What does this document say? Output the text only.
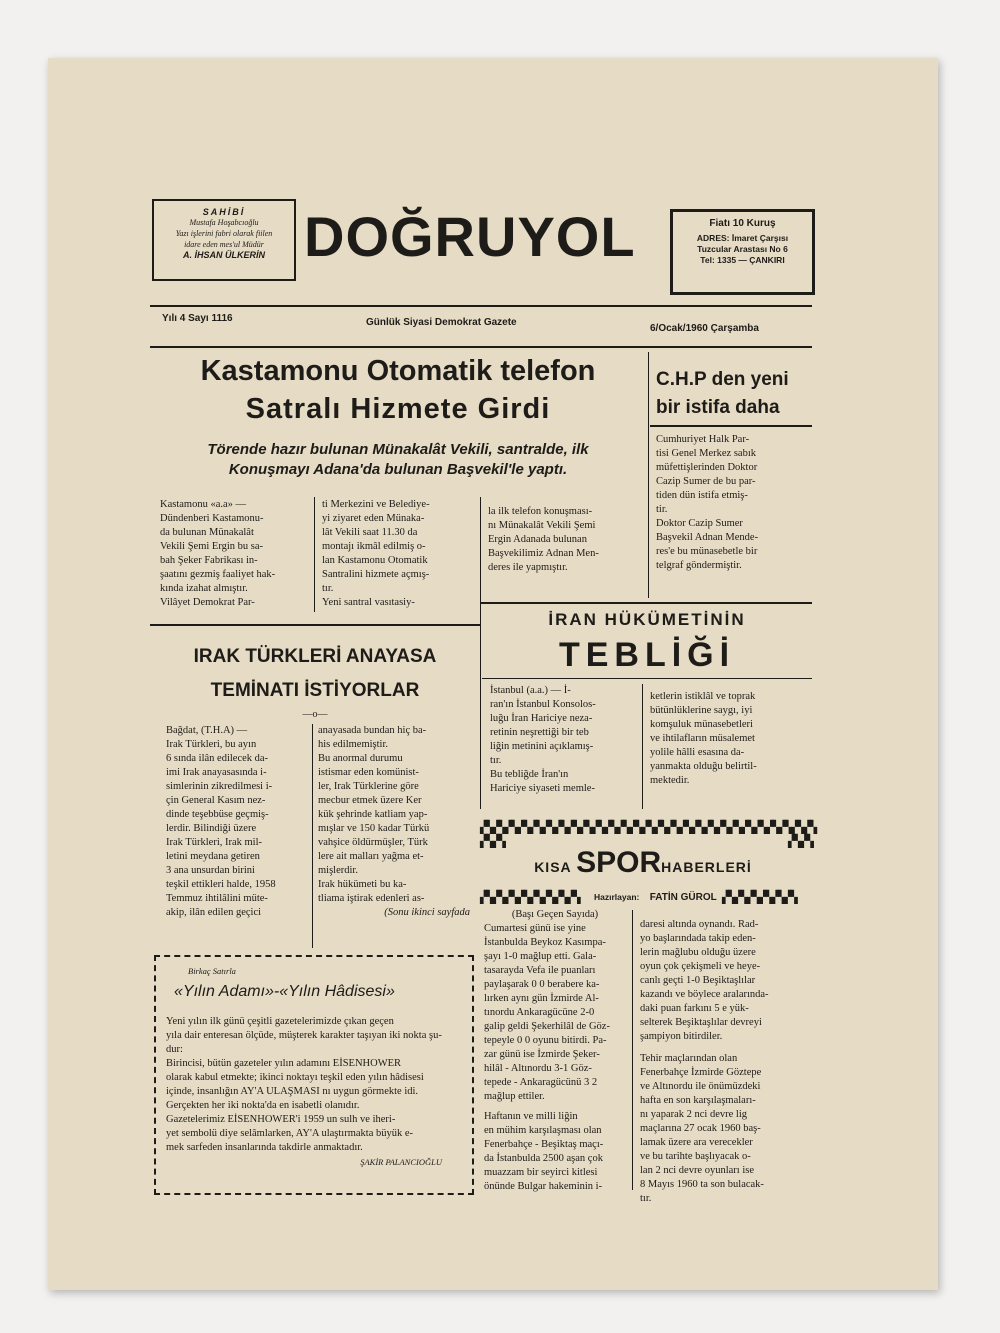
SAHİBİ
Mustafa Hoşabcıoğlu
Yazı işlerini fabri olarak fiilen
idare eden mes'ul Müdür
A. İHSAN ÜLKERİN DOĞRUYOL	Fiatı 10 Kuruş
ADRES: İmaret Çarşısı
Tuzcular Arastası No 6
Tel: 1335 — ÇANKIRI
Yılı 4 Sayı 1116	Günlük Siyasi Demokrat Gazete
6/Ocak/1960 Çarşamba
Kastamonu Otomatik telefon
Satralı Hizmete Girdi
Törende hazır bulunan Münakalât Vekili, santralde, ilk
Konuşmayı Adana'da bulunan Başvekil'le yaptı.

Kastamonu «a.a» —

Dündenberi Kastamonu-

da bulunan Münakalât

Vekili Şemi Ergin bu sa-

bah Şeker Fabrikası in-

şaatını gezmiş faaliyet hak-

kında izahat almıştır.

Vilâyet Demokrat Par-

ti Merkezini ve Belediye-

yi ziyaret eden Münaka-

lât Vekili saat 11.30 da

montajı ikmâl edilmiş o-

lan Kastamonu Otomatik

Santralini hizmete açmış-

tır.

Yeni santral vasıtasiy-

la ilk telefon konuşması-

nı Münakalât Vekili Şemi

Ergin Adanada bulunan

Başvekilimiz Adnan Men-

deres ile yapmıştır.

C.H.P den yeni
bir istifa daha

Cumhuriyet Halk Par-

tisi Genel Merkez sabık

müfettişlerinden Doktor

Cazip Sumer de bu par-

tiden dün istifa etmiş-

tir.

Doktor Cazip Sumer

Başvekil Adnan Mende-

res'e bu münasebetle bir

telgraf göndermiştir.

IRAK TÜRKLERİ ANAYASA
TEMİNATI İSTİYORLAR
—o—

Bağdat, (T.H.A) —

Irak Türkleri, bu ayın

6 sında ilân edilecek da-

imi Irak anayasasında i-

simlerinin zikredilmesi i-

çin General Kasım nez-

dinde teşebbüse geçmiş-

lerdir. Bilindiği üzere

Irak Türkleri, Irak mil-

letini meydana getiren

3 ana unsurdan birini

teşkil ettikleri halde, 1958

Temmuz ihtilâlini müte-

akip, ilân edilen geçici

anayasada bundan hiç ba-

his edilmemiştir.

Bu anormal durumu

istismar eden komünist-

ler, Irak Türklerine göre

mecbur etmek üzere Ker

kük şehrinde katliam yap-

mışlar ve 150 kadar Türkü

vahşice öldürmüşler, Türk

lere ait malları yağma et-

mişlerdir.

Irak hükümeti bu ka-

tliama iştirak edenleri as-

(Sonu ikinci sayfada

İRAN HÜKÜMETİNİN
TEBLİĞİ

İstanbul (a.a.) — İ-

ran'ın İstanbul Konsolos-

luğu İran Hariciye neza-

retinin neşrettiği bir teb

liğin metinini açıklamış-

tır.

Bu tebliğde İran'ın

Hariciye siyaseti memle-

ketlerin istiklâl ve toprak

bütünlüklerine saygı, iyi

komşuluk münasebetleri

ve ihtilafların müsalemet

yolile hâlli esasına da-

yanmakta olduğu belirtil-

mektedir.

Birkaç Satırla
«Yılın Adamı»-«Yılın Hâdisesi»

Yeni yılın ilk günü çeşitli gazetelerimizde çıkan geçen

yıla dair enteresan ölçüde, müşterek karakter taşıyan iki nokta şu-

dur:

Birincisi, bütün gazeteler yılın adamını EİSENHOWER

olarak kabul etmekte; ikinci noktayı teşkil eden yılın hâdisesi

içinde, insanlığın AY'A ULAŞMASI nı uygun görmekte idi.

Gerçekten her iki nokta'da en isabetli olanıdır.

Gazetelerimiz EİSENHOWER'i 1959 un sulh ve iheri-

yet sembolü diye selâmlarken, AY'A ulaştırmakta büyük e-

mek sarfeden insanlarında takdirle anmaktadır.

ŞAKİR PALANCIOĞLU
▞▚▞▚▞▚▞▚▞▚▞▚▞▚▞▚▞▚▞▚▞▚▞▚▞▚▞▚▞▚▞▚▞▚▞▚▞▚▞▚▞▚▞▚▞▚▞▚▞▚▞▚▞▚
▞▚▞▚	▞▚▞▚
KISA SPORHABERLERİ
▞▚▞▚▞▚▞▚▞▚▞▚▞▚▞▚	Hazırlayan: FATİN GÜROL ▞▚▞▚▞▚▞▚▞▚▞▚

(Başı Geçen Sayıda)

Cumartesi günü ise yine

İstanbulda Beykoz Kasımpa-

şayı 1-0 mağlup etti. Gala-

tasarayda Vefa ile puanları

paylaşarak 0 0 berabere ka-

lırken aynı gün İzmirde Al-

tınordu Ankaragücüne 2-0

galip geldi Şekerhilâl de Göz-

tepeyle 0 0 oyunu bitirdi. Pa-

zar günü ise İzmirde Şeker-

hilâl - Altınordu 3-1 Göz-

tepede - Ankaragücünü 3 2

mağlup ettiler.

Haftanın ve milli liğin

en mühim karşılaşması olan

Fenerbahçe - Beşiktaş maçı-

da İstanbulda 2500 aşan çok

muazzam bir seyirci kitlesi

önünde Bulgar hakeminin i-

daresi altında oynandı. Rad-

yo başlarındada takip eden-

lerin mağlubu olduğu üzere

oyun çok çekişmeli ve heye-

canlı geçti 1-0 Beşiktaşlılar

kazandı ve böylece aralarında-

daki puan farkını 5 e yük-

selterek Beşiktaşlılar devreyi

şampiyon bitirdiler.

Tehir maçlarından olan

Fenerbahçe İzmirde Göztepe

ve Altınordu ile önümüzdeki

hafta en son karşılaşmaları-

nı yaparak 2 nci devre lig

maçlarına 27 ocak 1960 baş-

lamak üzere ara verecekler

ve bu tarihte başlıyacak o-

lan 2 nci devre oyunları ise

8 Mayıs 1960 ta son bulacak-

tır.
